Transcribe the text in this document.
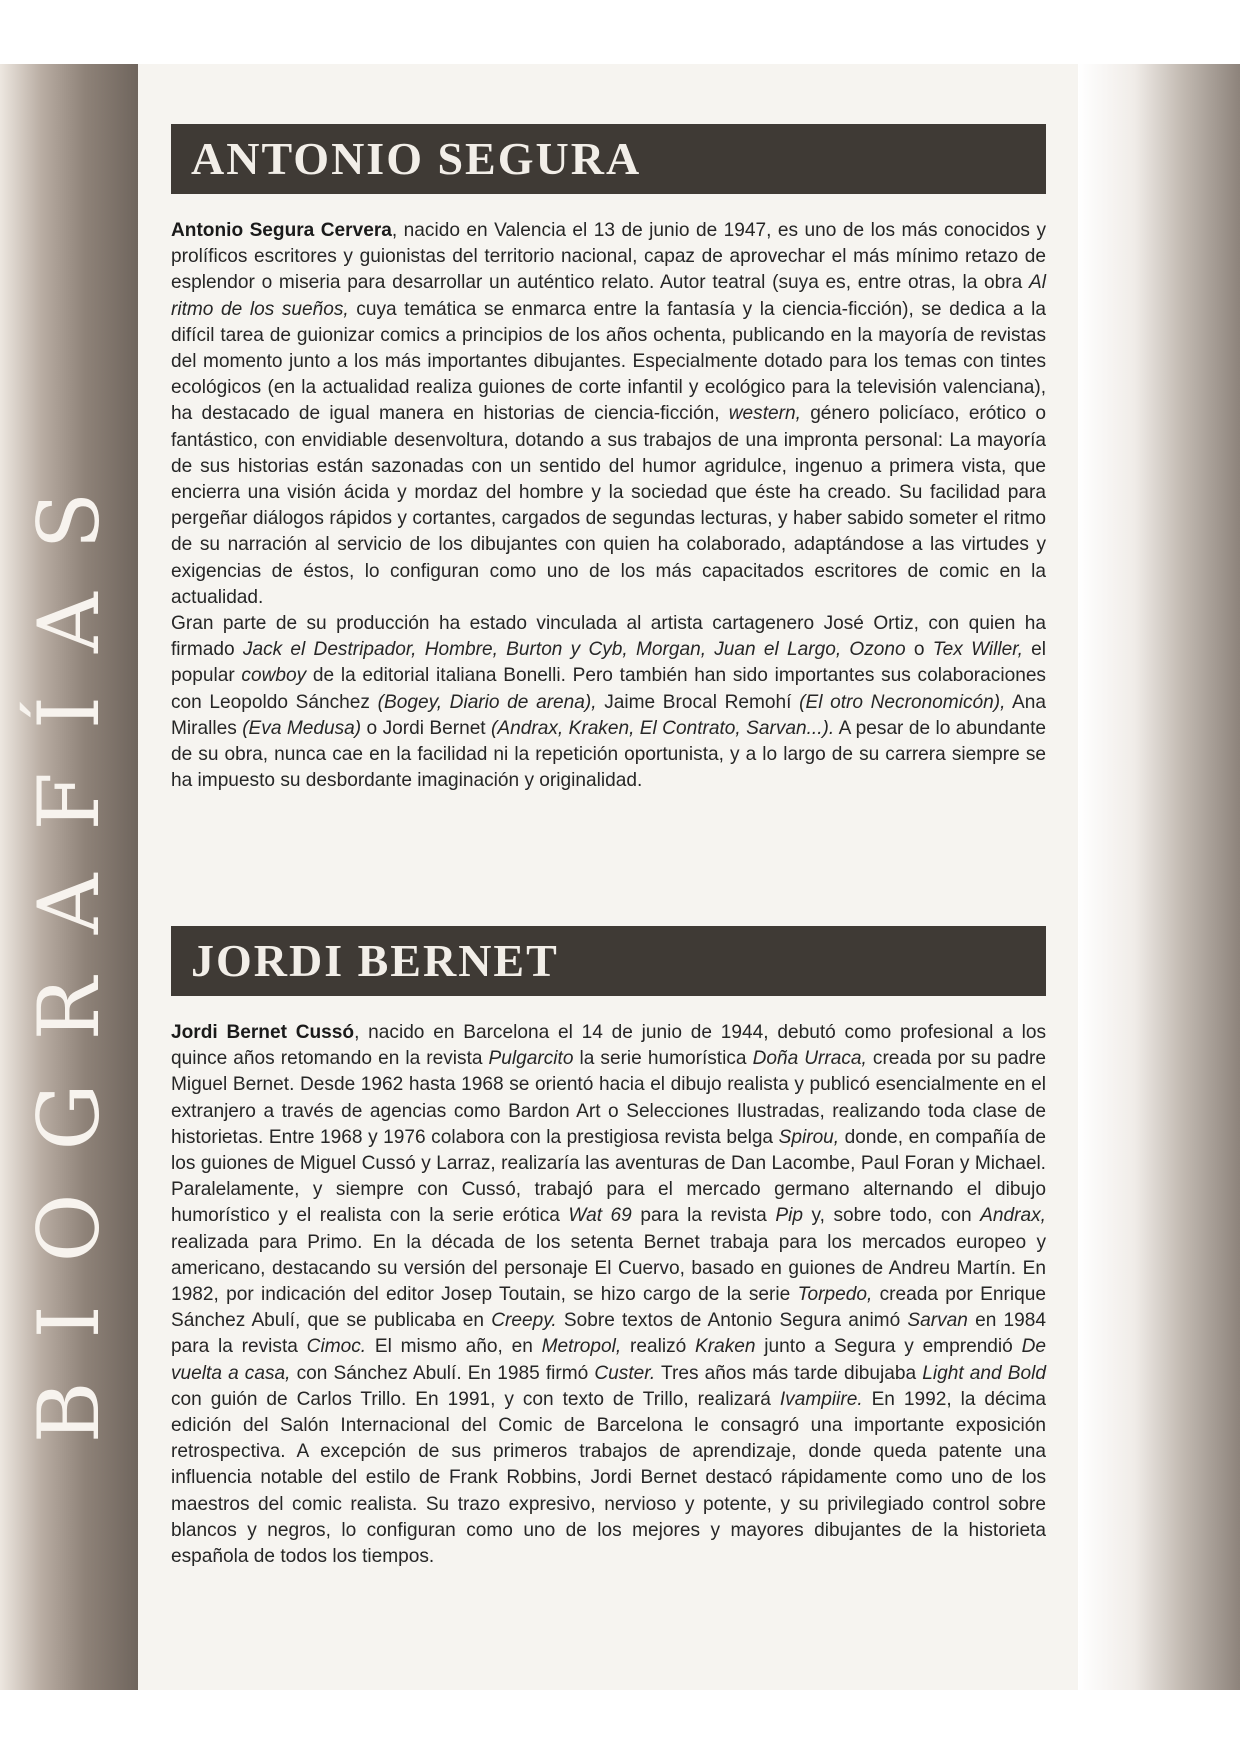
BIOGRAFÍAS
ANTONIO SEGURA

Antonio Segura Cervera, nacido en Valencia el 13 de junio de 1947, es uno de los más conocidos y prolíficos escritores y guionistas del territorio nacional, capaz de aprovechar el más mínimo retazo de esplendor o miseria para desarrollar un auténtico relato. Autor teatral (suya es, entre otras, la obra Al ritmo de los sueños, cuya temática se enmarca entre la fantasía y la ciencia-ficción), se dedica a la difícil tarea de guionizar comics a principios de los años ochenta, publicando en la mayoría de revistas del momento junto a los más importantes dibujantes. Especialmente dotado para los temas con tintes ecológicos (en la actualidad realiza guiones de corte infantil y ecológico para la televisión valenciana), ha destacado de igual manera en historias de ciencia-ficción, western, género policíaco, erótico o fantástico, con envidiable desenvoltura, dotando a sus trabajos de una impronta personal: La mayoría de sus historias están sazonadas con un sentido del humor agridulce, ingenuo a primera vista, que encierra una visión ácida y mordaz del hombre y la sociedad que éste ha creado. Su facilidad para pergeñar diálogos rápidos y cortantes, cargados de segundas lecturas, y haber sabido someter el ritmo de su narración al servicio de los dibujantes con quien ha colaborado, adaptándose a las virtudes y exigencias de éstos, lo configuran como uno de los más capacitados escritores de comic en la actualidad.

Gran parte de su producción ha estado vinculada al artista cartagenero José Ortiz, con quien ha firmado Jack el Destripador, Hombre, Burton y Cyb, Morgan, Juan el Largo, Ozono o Tex Willer, el popular cowboy de la editorial italiana Bonelli. Pero también han sido importantes sus colaboraciones con Leopoldo Sánchez (Bogey, Diario de arena), Jaime Brocal Remohí (El otro Necronomicón), Ana Miralles (Eva Medusa) o Jordi Bernet (Andrax, Kraken, El Contrato, Sarvan...). A pesar de lo abundante de su obra, nunca cae en la facilidad ni la repetición oportunista, y a lo largo de su carrera siempre se ha impuesto su desbordante imaginación y originalidad.

JORDI BERNET

Jordi Bernet Cussó, nacido en Barcelona el 14 de junio de 1944, debutó como profesional a los quince años retomando en la revista Pulgarcito la serie humorística Doña Urraca, creada por su padre Miguel Bernet. Desde 1962 hasta 1968 se orientó hacia el dibujo realista y publicó esencialmente en el extranjero a través de agencias como Bardon Art o Selecciones Ilustradas, realizando toda clase de historietas. Entre 1968 y 1976 colabora con la prestigiosa revista belga Spirou, donde, en compañía de los guiones de Miguel Cussó y Larraz, realizaría las aventuras de Dan Lacombe, Paul Foran y Michael. Paralelamente, y siempre con Cussó, trabajó para el mercado germano alternando el dibujo humorístico y el realista con la serie erótica Wat 69 para la revista Pip y, sobre todo, con Andrax, realizada para Primo. En la década de los setenta Bernet trabaja para los mercados europeo y americano, destacando su versión del personaje El Cuervo, basado en guiones de Andreu Martín. En 1982, por indicación del editor Josep Toutain, se hizo cargo de la serie Torpedo, creada por Enrique Sánchez Abulí, que se publicaba en Creepy. Sobre textos de Antonio Segura animó Sarvan en 1984 para la revista Cimoc. El mismo año, en Metropol, realizó Kraken junto a Segura y emprendió De vuelta a casa, con Sánchez Abulí. En 1985 firmó Custer. Tres años más tarde dibujaba Light and Bold con guión de Carlos Trillo. En 1991, y con texto de Trillo, realizará Ivampiire. En 1992, la décima edición del Salón Internacional del Comic de Barcelona le consagró una importante exposición retrospectiva. A excepción de sus primeros trabajos de aprendizaje, donde queda patente una influencia notable del estilo de Frank Robbins, Jordi Bernet destacó rápidamente como uno de los maestros del comic realista. Su trazo expresivo, nervioso y potente, y su privilegiado control sobre blancos y negros, lo configuran como uno de los mejores y mayores dibujantes de la historieta española de todos los tiempos.
